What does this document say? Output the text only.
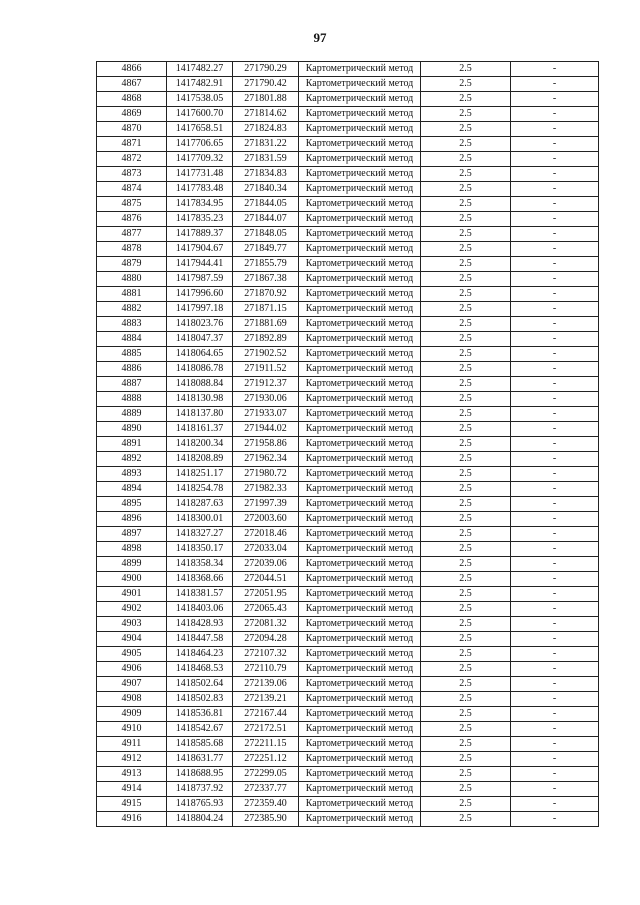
97
4866	1417482.27	271790.29	Картометрический метод	2.5	-
4867	1417482.91	271790.42	Картометрический метод	2.5	-
4868	1417538.05	271801.88	Картометрический метод	2.5	-
4869	1417600.70	271814.62	Картометрический метод	2.5	-
4870	1417658.51	271824.83	Картометрический метод	2.5	-
4871	1417706.65	271831.22	Картометрический метод	2.5	-
4872	1417709.32	271831.59	Картометрический метод	2.5	-
4873	1417731.48	271834.83	Картометрический метод	2.5	-
4874	1417783.48	271840.34	Картометрический метод	2.5	-
4875	1417834.95	271844.05	Картометрический метод	2.5	-
4876	1417835.23	271844.07	Картометрический метод	2.5	-
4877	1417889.37	271848.05	Картометрический метод	2.5	-
4878	1417904.67	271849.77	Картометрический метод	2.5	-
4879	1417944.41	271855.79	Картометрический метод	2.5	-
4880	1417987.59	271867.38	Картометрический метод	2.5	-
4881	1417996.60	271870.92	Картометрический метод	2.5	-
4882	1417997.18	271871.15	Картометрический метод	2.5	-
4883	1418023.76	271881.69	Картометрический метод	2.5	-
4884	1418047.37	271892.89	Картометрический метод	2.5	-
4885	1418064.65	271902.52	Картометрический метод	2.5	-
4886	1418086.78	271911.52	Картометрический метод	2.5	-
4887	1418088.84	271912.37	Картометрический метод	2.5	-
4888	1418130.98	271930.06	Картометрический метод	2.5	-
4889	1418137.80	271933.07	Картометрический метод	2.5	-
4890	1418161.37	271944.02	Картометрический метод	2.5	-
4891	1418200.34	271958.86	Картометрический метод	2.5	-
4892	1418208.89	271962.34	Картометрический метод	2.5	-
4893	1418251.17	271980.72	Картометрический метод	2.5	-
4894	1418254.78	271982.33	Картометрический метод	2.5	-
4895	1418287.63	271997.39	Картометрический метод	2.5	-
4896	1418300.01	272003.60	Картометрический метод	2.5	-
4897	1418327.27	272018.46	Картометрический метод	2.5	-
4898	1418350.17	272033.04	Картометрический метод	2.5	-
4899	1418358.34	272039.06	Картометрический метод	2.5	-
4900	1418368.66	272044.51	Картометрический метод	2.5	-
4901	1418381.57	272051.95	Картометрический метод	2.5	-
4902	1418403.06	272065.43	Картометрический метод	2.5	-
4903	1418428.93	272081.32	Картометрический метод	2.5	-
4904	1418447.58	272094.28	Картометрический метод	2.5	-
4905	1418464.23	272107.32	Картометрический метод	2.5	-
4906	1418468.53	272110.79	Картометрический метод	2.5	-
4907	1418502.64	272139.06	Картометрический метод	2.5	-
4908	1418502.83	272139.21	Картометрический метод	2.5	-
4909	1418536.81	272167.44	Картометрический метод	2.5	-
4910	1418542.67	272172.51	Картометрический метод	2.5	-
4911	1418585.68	272211.15	Картометрический метод	2.5	-
4912	1418631.77	272251.12	Картометрический метод	2.5	-
4913	1418688.95	272299.05	Картометрический метод	2.5	-
4914	1418737.92	272337.77	Картометрический метод	2.5	-
4915	1418765.93	272359.40	Картометрический метод	2.5	-
4916	1418804.24	272385.90	Картометрический метод	2.5	-
